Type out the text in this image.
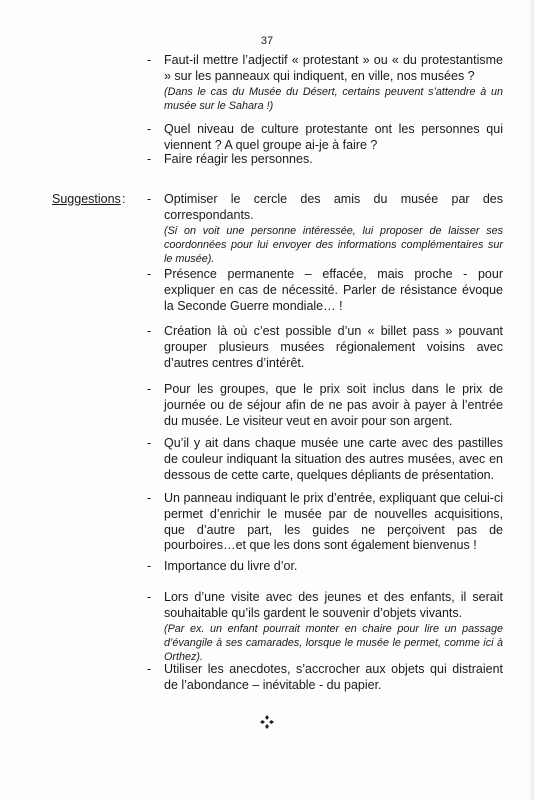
37
Suggestions :
- Faut-il mettre l’adjectif « protestant » ou « du protestantisme » sur les panneaux qui indiquent, en ville, nos musées ?
(Dans le cas du Musée du Désert, certains peuvent s’attendre à un musée sur le Sahara !)
- Quel niveau de culture protestante ont les personnes qui viennent ? A quel groupe ai-je à faire ?
- Faire réagir les personnes.
- Optimiser le cercle des amis du musée par des correspondants.
(Si on voit une personne intéressée, lui proposer de laisser ses coordonnées pour lui envoyer des informations complémentaires sur le musée).
- Présence permanente – effacée, mais proche - pour expliquer en cas de nécessité. Parler de résistance évoque la Seconde Guerre mondiale… !
- Création là où c’est possible d’un « billet pass » pouvant grouper plusieurs musées régionalement voisins avec d’autres centres d’intérêt.
- Pour les groupes, que le prix soit inclus dans le prix de journée ou de séjour afin de ne pas avoir à payer à l’entrée du musée. Le visiteur veut en avoir pour son argent.
- Qu’il y ait dans chaque musée une carte avec des pastilles de couleur indiquant la situation des autres musées, avec en dessous de cette carte, quelques dépliants de présentation.
- Un panneau indiquant le prix d’entrée, expliquant que celui-ci permet d’enrichir le musée par de nouvelles acquisitions, que d’autre part, les guides ne perçoivent pas de pourboires…et que les dons sont également bienvenus !
- Importance du livre d’or.
- Lors d’une visite avec des jeunes et des enfants, il serait souhaitable qu’ils gardent le souvenir d’objets vivants.
(Par ex. un enfant pourrait monter en chaire pour lire un passage d’évangile à ses camarades, lorsque le musée le permet, comme ici à Orthez).
- Utiliser les anecdotes, s’accrocher aux objets qui distraient de l’abondance – inévitable - du papier.
